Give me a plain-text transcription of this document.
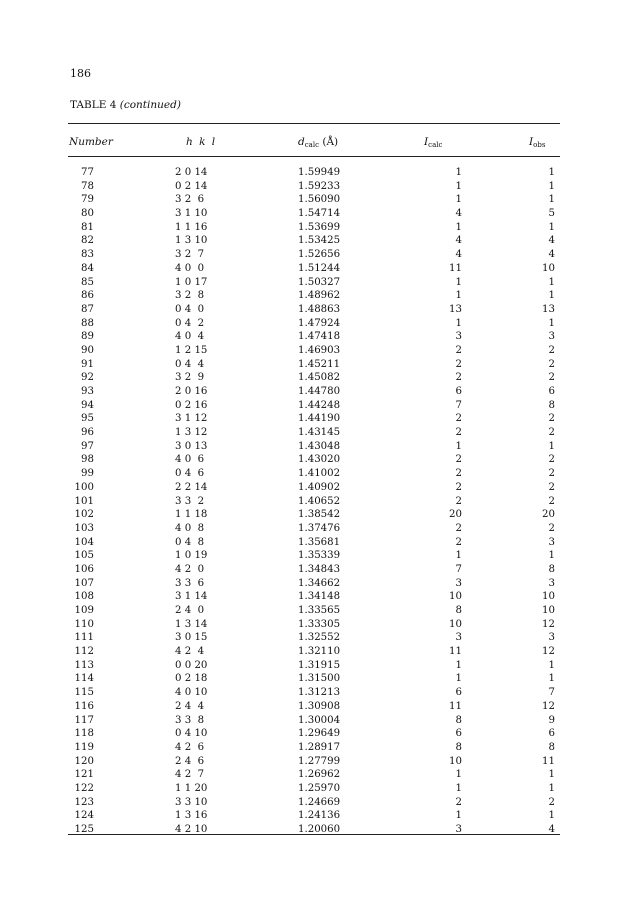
186
TABLE 4 (continued)
Number	h k l	$d_{calc}$ (Å)	$I_{calc}$	$I_{obs}$
77	2 0 14	1.59949	1	1
78	0 2 14	1.59233	1	1
79	3 2  6	1.56090	1	1
80	3 1 10	1.54714	4	5
81	1 1 16	1.53699	1	1
82	1 3 10	1.53425	4	4
83	3 2  7	1.52656	4	4
84	4 0  0	1.51244	11	10
85	1 0 17	1.50327	1	1
86	3 2  8	1.48962	1	1
87	0 4  0	1.48863	13	13
88	0 4  2	1.47924	1	1
89	4 0  4	1.47418	3	3
90	1 2 15	1.46903	2	2
91	0 4  4	1.45211	2	2
92	3 2  9	1.45082	2	2
93	2 0 16	1.44780	6	6
94	0 2 16	1.44248	7	8
95	3 1 12	1.44190	2	2
96	1 3 12	1.43145	2	2
97	3 0 13	1.43048	1	1
98	4 0  6	1.43020	2	2
99	0 4  6	1.41002	2	2
100	2 2 14	1.40902	2	2
101	3 3  2	1.40652	2	2
102	1 1 18	1.38542	20	20
103	4 0  8	1.37476	2	2
104	0 4  8	1.35681	2	3
105	1 0 19	1.35339	1	1
106	4 2  0	1.34843	7	8
107	3 3  6	1.34662	3	3
108	3 1 14	1.34148	10	10
109	2 4  0	1.33565	8	10
110	1 3 14	1.33305	10	12
111	3 0 15	1.32552	3	3
112	4 2  4	1.32110	11	12
113	0 0 20	1.31915	1	1
114	0 2 18	1.31500	1	1
115	4 0 10	1.31213	6	7
116	2 4  4	1.30908	11	12
117	3 3  8	1.30004	8	9
118	0 4 10	1.29649	6	6
119	4 2  6	1.28917	8	8
120	2 4  6	1.27799	10	11
121	4 2  7	1.26962	1	1
122	1 1 20	1.25970	1	1
123	3 3 10	1.24669	2	2
124	1 3 16	1.24136	1	1
125	4 2 10	1.20060	3	4
